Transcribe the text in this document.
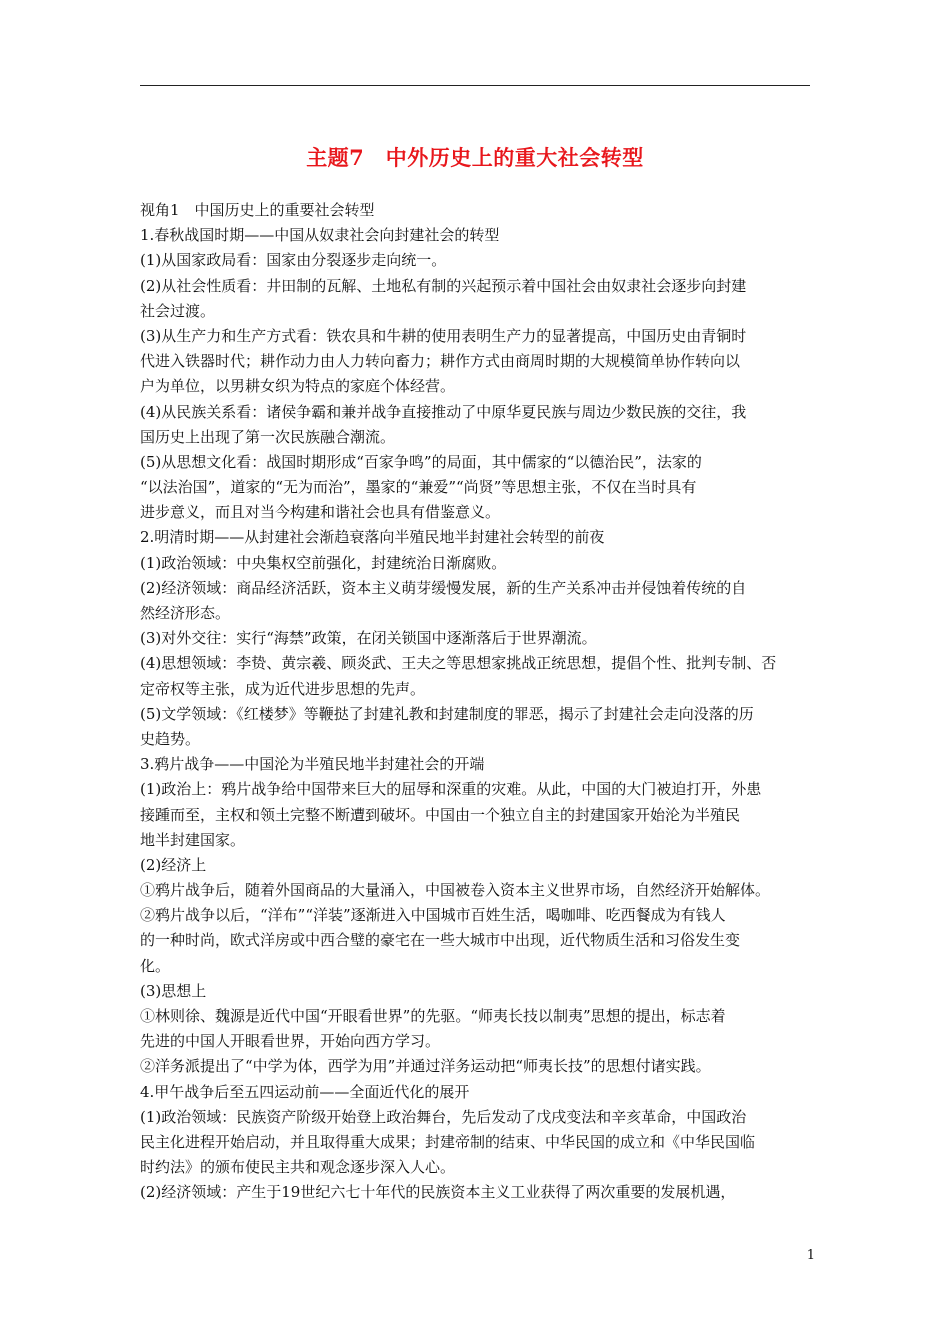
主题7　中外历史上的重大社会转型
视角1　中国历史上的重要社会转型
1.春秋战国时期——中国从奴隶社会向封建社会的转型
(1)从国家政局看：国家由分裂逐步走向统一。
(2)从社会性质看：井田制的瓦解、土地私有制的兴起预示着中国社会由奴隶社会逐步向封建
社会过渡。
(3)从生产力和生产方式看：铁农具和牛耕的使用表明生产力的显著提高，中国历史由青铜时
代进入铁器时代；耕作动力由人力转向畜力；耕作方式由商周时期的大规模简单协作转向以
户为单位，以男耕女织为特点的家庭个体经营。
(4)从民族关系看：诸侯争霸和兼并战争直接推动了中原华夏民族与周边少数民族的交往，我
国历史上出现了第一次民族融合潮流。
(5)从思想文化看：战国时期形成“百家争鸣”的局面，其中儒家的“以德治民”，法家的
“以法治国”，道家的“无为而治”，墨家的“兼爱”“尚贤”等思想主张，不仅在当时具有
进步意义，而且对当今构建和谐社会也具有借鉴意义。
2.明清时期——从封建社会渐趋衰落向半殖民地半封建社会转型的前夜
(1)政治领域：中央集权空前强化，封建统治日渐腐败。
(2)经济领域：商品经济活跃，资本主义萌芽缓慢发展，新的生产关系冲击并侵蚀着传统的自
然经济形态。
(3)对外交往：实行“海禁”政策，在闭关锁国中逐渐落后于世界潮流。
(4)思想领域：李贽、黄宗羲、顾炎武、王夫之等思想家挑战正统思想，提倡个性、批判专制、否
定帝权等主张，成为近代进步思想的先声。
(5)文学领域：《红楼梦》等鞭挞了封建礼教和封建制度的罪恶，揭示了封建社会走向没落的历
史趋势。
3.鸦片战争——中国沦为半殖民地半封建社会的开端
(1)政治上：鸦片战争给中国带来巨大的屈辱和深重的灾难。从此，中国的大门被迫打开，外患
接踵而至，主权和领土完整不断遭到破坏。中国由一个独立自主的封建国家开始沦为半殖民
地半封建国家。
(2)经济上
①鸦片战争后，随着外国商品的大量涌入，中国被卷入资本主义世界市场，自然经济开始解体。
②鸦片战争以后，“洋布”“洋装”逐渐进入中国城市百姓生活，喝咖啡、吃西餐成为有钱人
的一种时尚，欧式洋房或中西合璧的豪宅在一些大城市中出现，近代物质生活和习俗发生变
化。
(3)思想上
①林则徐、魏源是近代中国“开眼看世界”的先驱。“师夷长技以制夷”思想的提出，标志着
先进的中国人开眼看世界，开始向西方学习。
②洋务派提出了“中学为体，西学为用”并通过洋务运动把“师夷长技”的思想付诸实践。
4.甲午战争后至五四运动前——全面近代化的展开
(1)政治领域：民族资产阶级开始登上政治舞台，先后发动了戊戌变法和辛亥革命，中国政治
民主化进程开始启动，并且取得重大成果；封建帝制的结束、中华民国的成立和《中华民国临
时约法》的颁布使民主共和观念逐步深入人心。
(2)经济领域：产生于19世纪六七十年代的民族资本主义工业获得了两次重要的发展机遇，
1
